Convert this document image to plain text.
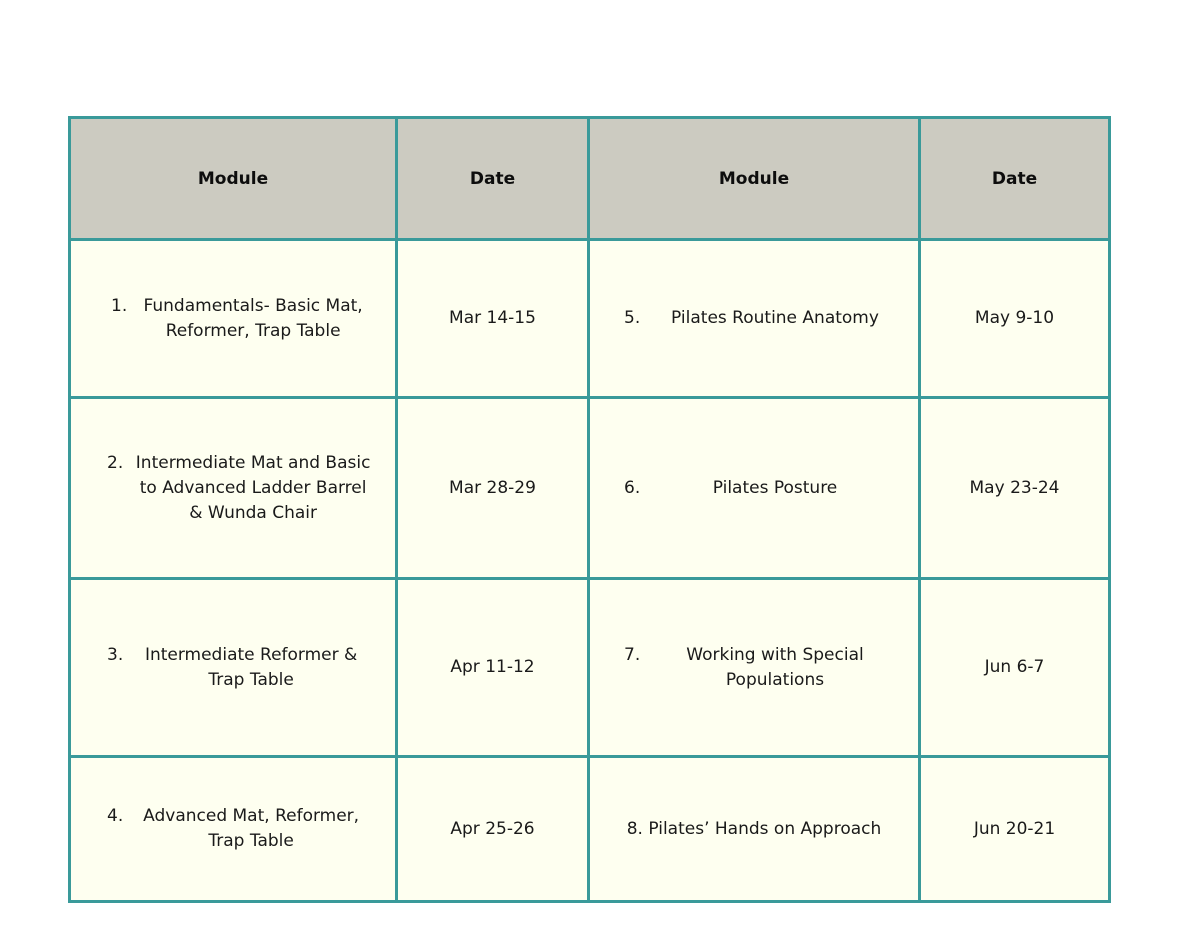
Module	Date	Module	Date

1. Fundamentals- Basic Mat, Reformer, Trap Table	Mar 14-15	5. Pilates Routine Anatomy	May 9-10

2. Intermediate Mat and Basic to Advanced Ladder Barrel & Wunda Chair	Mar 28-29	6. Pilates Posture	May 23-24

3. Intermediate Reformer & Trap Table	Apr 11-12	7. Working with Special Populations	Jun 6-7

4. Advanced Mat, Reformer, Trap Table	Apr 25-26	8. Pilates’ Hands on Approach	Jun 20-21
